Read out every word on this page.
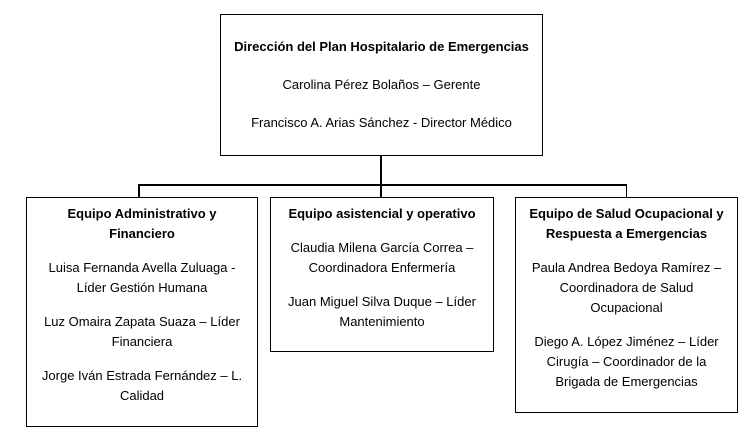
Dirección del Plan Hospitalario de Emergencias

Carolina Pérez Bolaños – Gerente

Francisco A. Arias Sánchez - Director Médico

Equipo Administrativo y Financiero

Luisa Fernanda Avella Zuluaga - Líder Gestión Humana

Luz Omaira Zapata Suaza – Líder Financiera

Jorge Iván Estrada Fernández – L. Calidad

Equipo asistencial y operativo

Claudia Milena García Correa – Coordinadora Enfermería

Juan Miguel Silva Duque – Líder Mantenimiento

Equipo de Salud Ocupacional y Respuesta a Emergencias

Paula Andrea Bedoya Ramírez – Coordinadora de Salud Ocupacional

Diego A. López Jiménez – Líder Cirugía – Coordinador de la Brigada de Emergencias
